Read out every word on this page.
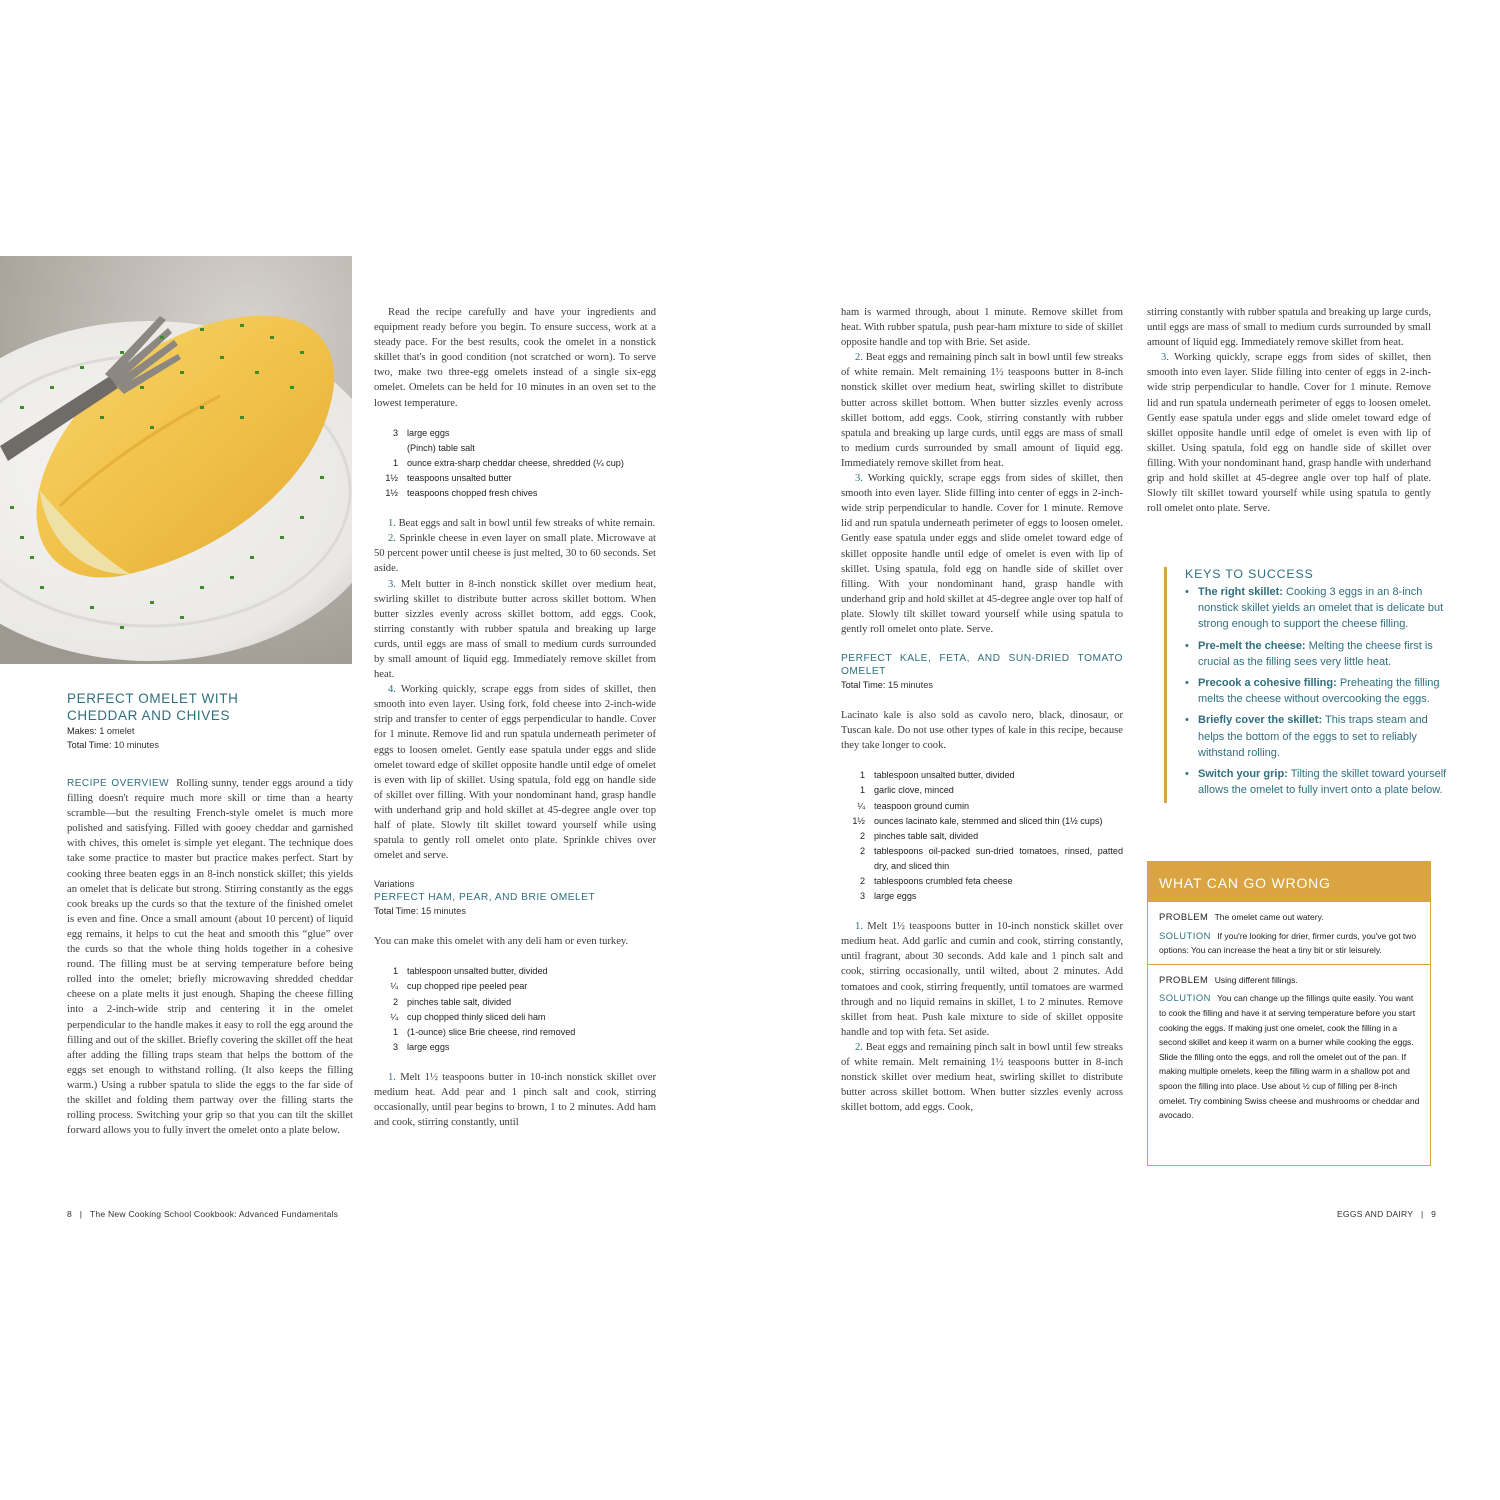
PERFECT OMELET WITH
CHEDDAR AND CHIVES
Makes: 1 omelet
Total Time: 10 minutes

RECIPE OVERVIEW Rolling sunny, tender eggs around a tidy filling doesn't require much more skill or time than a hearty scramble—but the resulting French-style omelet is much more polished and satisfying. Filled with gooey cheddar and garnished with chives, this omelet is simple yet elegant. The technique does take some practice to master but practice makes perfect. Start by cooking three beaten eggs in an 8-inch nonstick skillet; this yields an omelet that is delicate but strong. Stirring constantly as the eggs cook breaks up the curds so that the texture of the finished omelet is even and fine. Once a small amount (about 10 percent) of liquid egg remains, it helps to cut the heat and smooth this “glue” over the curds so that the whole thing holds together in a cohesive round. The filling must be at serving temperature before being rolled into the omelet; briefly microwaving shredded cheddar cheese on a plate melts it just enough. Shaping the cheese filling into a 2-inch-wide strip and centering it in the omelet perpendicular to the handle makes it easy to roll the egg around the filling and out of the skillet. Briefly covering the skillet off the heat after adding the filling traps steam that helps the bottom of the eggs set enough to withstand rolling. (It also keeps the filling warm.) Using a rubber spatula to slide the eggs to the far side of the skillet and folding them partway over the filling starts the rolling process. Switching your grip so that you can tilt the skillet forward allows you to fully invert the omelet onto a plate below.

Read the recipe carefully and have your ingredients and equipment ready before you begin. To ensure success, work at a steady pace. For the best results, cook the omelet in a nonstick skillet that's in good condition (not scratched or worn). To serve two, make two three-egg omelets instead of a single six-egg omelet. Omelets can be held for 10 minutes in an oven set to the lowest temperature.

3 large eggs
(Pinch) table salt
1 ounce extra-sharp cheddar cheese, shredded (¼ cup)
1½ teaspoons unsalted butter
1½ teaspoons chopped fresh chives

1. Beat eggs and salt in bowl until few streaks of white remain.

2. Sprinkle cheese in even layer on small plate. Microwave at 50 percent power until cheese is just melted, 30 to 60 seconds. Set aside.

3. Melt butter in 8-inch nonstick skillet over medium heat, swirling skillet to distribute butter across skillet bottom. When butter sizzles evenly across skillet bottom, add eggs. Cook, stirring constantly with rubber spatula and breaking up large curds, until eggs are mass of small to medium curds surrounded by small amount of liquid egg. Immediately remove skillet from heat.

4. Working quickly, scrape eggs from sides of skillet, then smooth into even layer. Using fork, fold cheese into 2-inch-wide strip and transfer to center of eggs perpendicular to handle. Cover for 1 minute. Remove lid and run spatula underneath perimeter of eggs to loosen omelet. Gently ease spatula under eggs and slide omelet toward edge of skillet opposite handle until edge of omelet is even with lip of skillet. Using spatula, fold egg on handle side of skillet over filling. With your nondominant hand, grasp handle with underhand grip and hold skillet at 45-degree angle over top half of plate. Slowly tilt skillet toward yourself while using spatula to gently roll omelet onto plate. Sprinkle chives over omelet and serve.

Variations
PERFECT HAM, PEAR, AND BRIE OMELET
Total Time: 15 minutes

You can make this omelet with any deli ham or even turkey.

1 tablespoon unsalted butter, divided
¼ cup chopped ripe peeled pear
2 pinches table salt, divided
¼ cup chopped thinly sliced deli ham
1 (1-ounce) slice Brie cheese, rind removed
3 large eggs

1. Melt 1½ teaspoons butter in 10-inch nonstick skillet over medium heat. Add pear and 1 pinch salt and cook, stirring occasionally, until pear begins to brown, 1 to 2 minutes. Add ham and cook, stirring constantly, until

8   |   The New Cooking School Cookbook: Advanced Fundamentals

ham is warmed through, about 1 minute. Remove skillet from heat. With rubber spatula, push pear-ham mixture to side of skillet opposite handle and top with Brie. Set aside.

2. Beat eggs and remaining pinch salt in bowl until few streaks of white remain. Melt remaining 1½ teaspoons butter in 8-inch nonstick skillet over medium heat, swirling skillet to distribute butter across skillet bottom. When butter sizzles evenly across skillet bottom, add eggs. Cook, stirring constantly with rubber spatula and breaking up large curds, until eggs are mass of small to medium curds surrounded by small amount of liquid egg. Immediately remove skillet from heat.

3. Working quickly, scrape eggs from sides of skillet, then smooth into even layer. Slide filling into center of eggs in 2-inch-wide strip perpendicular to handle. Cover for 1 minute. Remove lid and run spatula underneath perimeter of eggs to loosen omelet. Gently ease spatula under eggs and slide omelet toward edge of skillet opposite handle until edge of omelet is even with lip of skillet. Using spatula, fold egg on handle side of skillet over filling. With your nondominant hand, grasp handle with underhand grip and hold skillet at 45-degree angle over top half of plate. Slowly tilt skillet toward yourself while using spatula to gently roll omelet onto plate. Serve.

PERFECT KALE, FETA, AND SUN-DRIED TOMATO OMELET
Total Time: 15 minutes

Lacinato kale is also sold as cavolo nero, black, dinosaur, or Tuscan kale. Do not use other types of kale in this recipe, because they take longer to cook.

1 tablespoon unsalted butter, divided
1 garlic clove, minced
¼ teaspoon ground cumin
1½ ounces lacinato kale, stemmed and sliced thin (1½ cups)
2 pinches table salt, divided
2 tablespoons oil-packed sun-dried tomatoes, rinsed, patted dry, and sliced thin
2 tablespoons crumbled feta cheese
3 large eggs

1. Melt 1½ teaspoons butter in 10-inch nonstick skillet over medium heat. Add garlic and cumin and cook, stirring constantly, until fragrant, about 30 seconds. Add kale and 1 pinch salt and cook, stirring occasionally, until wilted, about 2 minutes. Add tomatoes and cook, stirring frequently, until tomatoes are warmed through and no liquid remains in skillet, 1 to 2 minutes. Remove skillet from heat. Push kale mixture to side of skillet opposite handle and top with feta. Set aside.

2. Beat eggs and remaining pinch salt in bowl until few streaks of white remain. Melt remaining 1½ teaspoons butter in 8-inch nonstick skillet over medium heat, swirling skillet to distribute butter across skillet bottom. When butter sizzles evenly across skillet bottom, add eggs. Cook,

stirring constantly with rubber spatula and breaking up large curds, until eggs are mass of small to medium curds surrounded by small amount of liquid egg. Immediately remove skillet from heat.

3. Working quickly, scrape eggs from sides of skillet, then smooth into even layer. Slide filling into center of eggs in 2-inch-wide strip perpendicular to handle. Cover for 1 minute. Remove lid and run spatula underneath perimeter of eggs to loosen omelet. Gently ease spatula under eggs and slide omelet toward edge of skillet opposite handle until edge of omelet is even with lip of skillet. Using spatula, fold egg on handle side of skillet over filling. With your nondominant hand, grasp handle with underhand grip and hold skillet at 45-degree angle over top half of plate. Slowly tilt skillet toward yourself while using spatula to gently roll omelet onto plate. Serve.

KEYS TO SUCCESS
• The right skillet: Cooking 3 eggs in an 8-inch nonstick skillet yields an omelet that is delicate but strong enough to support the cheese filling.
• Pre-melt the cheese: Melting the cheese first is crucial as the filling sees very little heat.
• Precook a cohesive filling: Preheating the filling melts the cheese without overcooking the eggs.
• Briefly cover the skillet: This traps steam and helps the bottom of the eggs to set to reliably withstand rolling.
• Switch your grip: Tilting the skillet toward yourself allows the omelet to fully invert onto a plate below.
WHAT CAN GO WRONG
PROBLEM The omelet came out watery.
SOLUTION If you're looking for drier, firmer curds, you've got two options: You can increase the heat a tiny bit or stir leisurely.
PROBLEM Using different fillings.
SOLUTION You can change up the fillings quite easily. You want to cook the filling and have it at serving temperature before you start cooking the eggs. If making just one omelet, cook the filling in a second skillet and keep it warm on a burner while cooking the eggs. Slide the filling onto the eggs, and roll the omelet out of the pan. If making multiple omelets, keep the filling warm in a shallow pot and spoon the filling into place. Use about ½ cup of filling per 8-inch omelet. Try combining Swiss cheese and mushrooms or cheddar and avocado.
EGGS AND DAIRY   |   9
